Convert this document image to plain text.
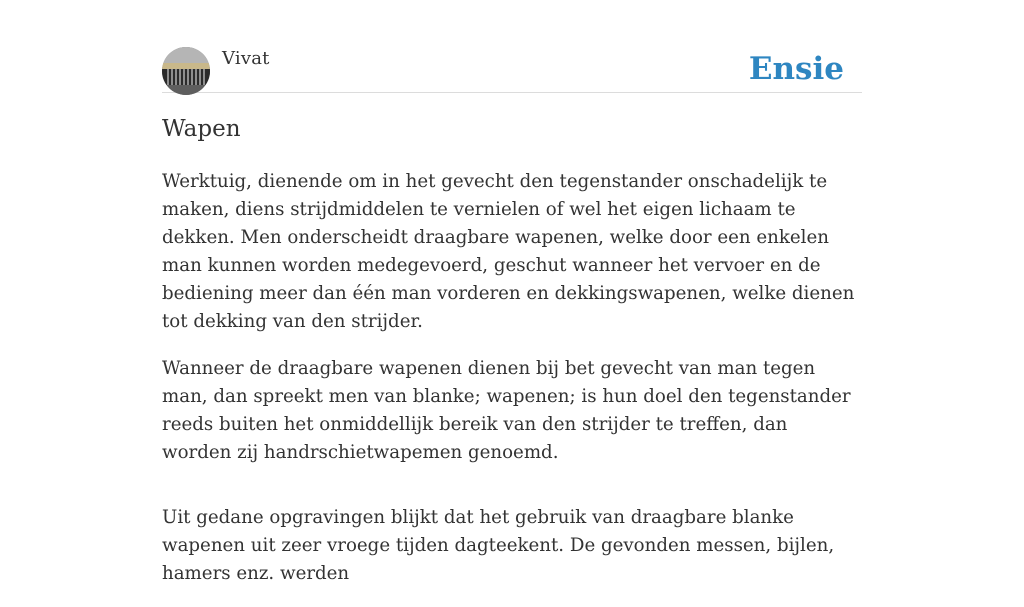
Vivat	Ensie
Wapen

Werktuig, dienende om in het gevecht den tegenstander onschadelijk te maken, diens strijdmiddelen te vernielen of wel het eigen lichaam te dekken. Men onderscheidt draagbare wapenen, welke door een enkelen man kunnen worden medegevoerd, geschut wanneer het vervoer en de bediening meer dan één man vorderen en dekkingswapenen, welke dienen tot dekking van den strijder.

Wanneer de draagbare wapenen dienen bij bet gevecht van man tegen man, dan spreekt men van blanke; wapenen; is hun doel den tegenstander reeds buiten het onmiddellijk bereik van den strijder te treffen, dan worden zij handrschietwapemen genoemd.

Uit gedane opgravingen blijkt dat het gebruik van draagbare blanke wapenen uit zeer vroege tijden dagteekent. De gevonden messen, bijlen, hamers enz. werden
